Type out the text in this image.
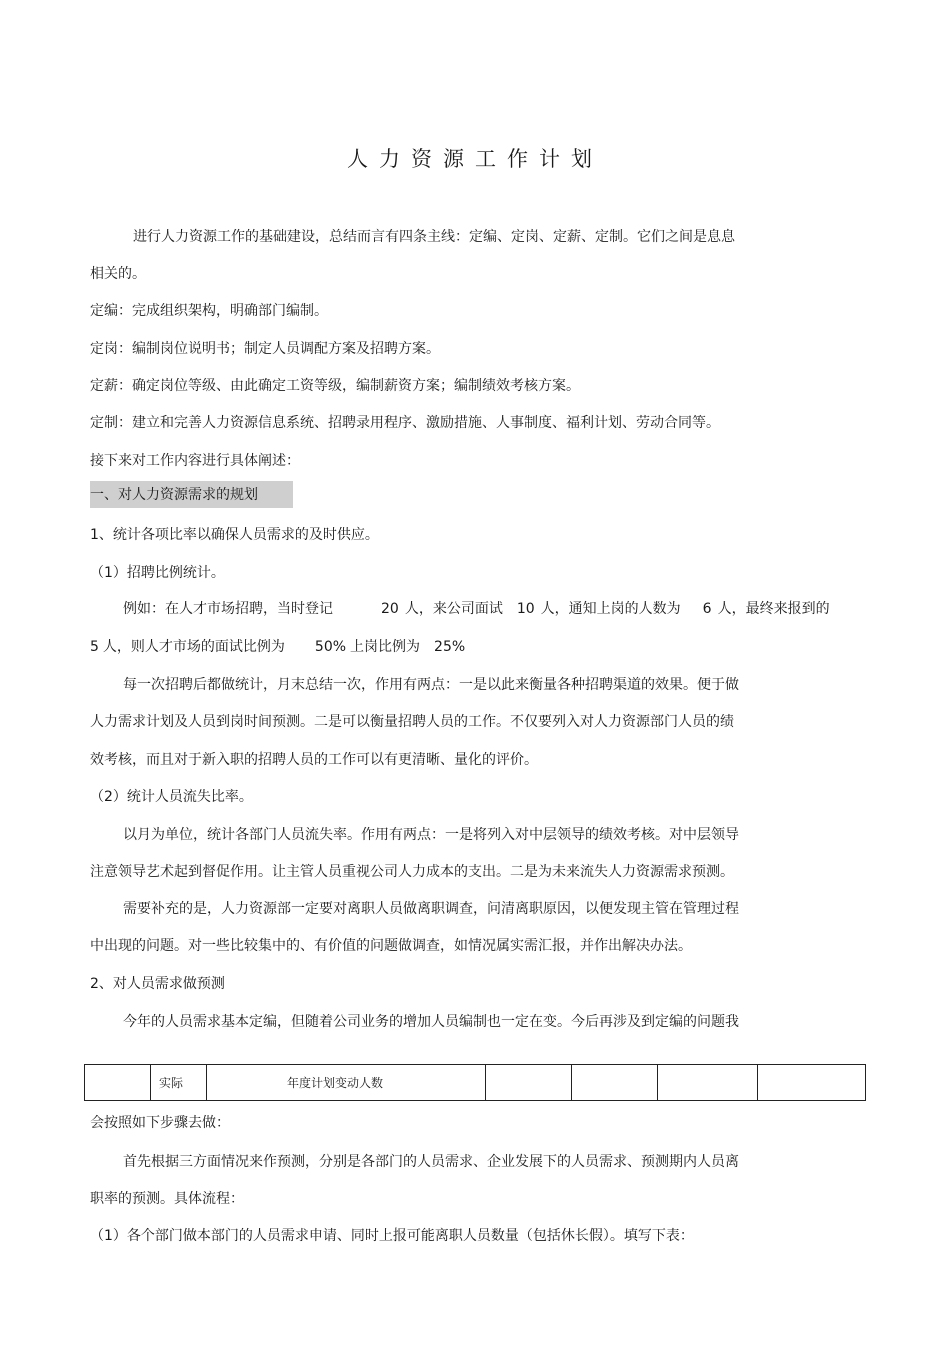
人力资源工作计划
进行人力资源工作的基础建设，总结而言有四条主线：定编、定岗、定薪、定制。它们之间是息息
相关的。
定编：完成组织架构，明确部门编制。
定岗：编制岗位说明书；制定人员调配方案及招聘方案。
定薪：确定岗位等级、由此确定工资等级，编制薪资方案；编制绩效考核方案。
定制：建立和完善人力资源信息系统、招聘录用程序、激励措施、人事制度、福利计划、劳动合同等。
接下来对工作内容进行具体阐述：
一、对人力资源需求的规划
1、统计各项比率以确保人员需求的及时供应。
（1）招聘比例统计。
例如：在人才市场招聘，当时登记	20 人，来公司面试 10 人，通知上岗的人数为 6 人，最终来报到的
5 人，则人才市场的面试比例为 50% 上岗比例为 25%
每一次招聘后都做统计，月末总结一次，作用有两点：一是以此来衡量各种招聘渠道的效果。便于做
人力需求计划及人员到岗时间预测。二是可以衡量招聘人员的工作。不仅要列入对人力资源部门人员的绩
效考核，而且对于新入职的招聘人员的工作可以有更清晰、量化的评价。
（2）统计人员流失比率。
以月为单位，统计各部门人员流失率。作用有两点：一是将列入对中层领导的绩效考核。对中层领导
注意领导艺术起到督促作用。让主管人员重视公司人力成本的支出。二是为未来流失人力资源需求预测。
需要补充的是，人力资源部一定要对离职人员做离职调查，问清离职原因，以便发现主管在管理过程
中出现的问题。对一些比较集中的、有价值的问题做调查，如情况属实需汇报，并作出解决办法。
2、对人员需求做预测
今年的人员需求基本定编，但随着公司业务的增加人员编制也一定在变。今后再涉及到定编的问题我
	实际	年度计划变动人数				
会按照如下步骤去做：
首先根据三方面情况来作预测，分别是各部门的人员需求、企业发展下的人员需求、预测期内人员离
职率的预测。具体流程：
（1）各个部门做本部门的人员需求申请、同时上报可能离职人员数量（包括休长假）。填写下表：
